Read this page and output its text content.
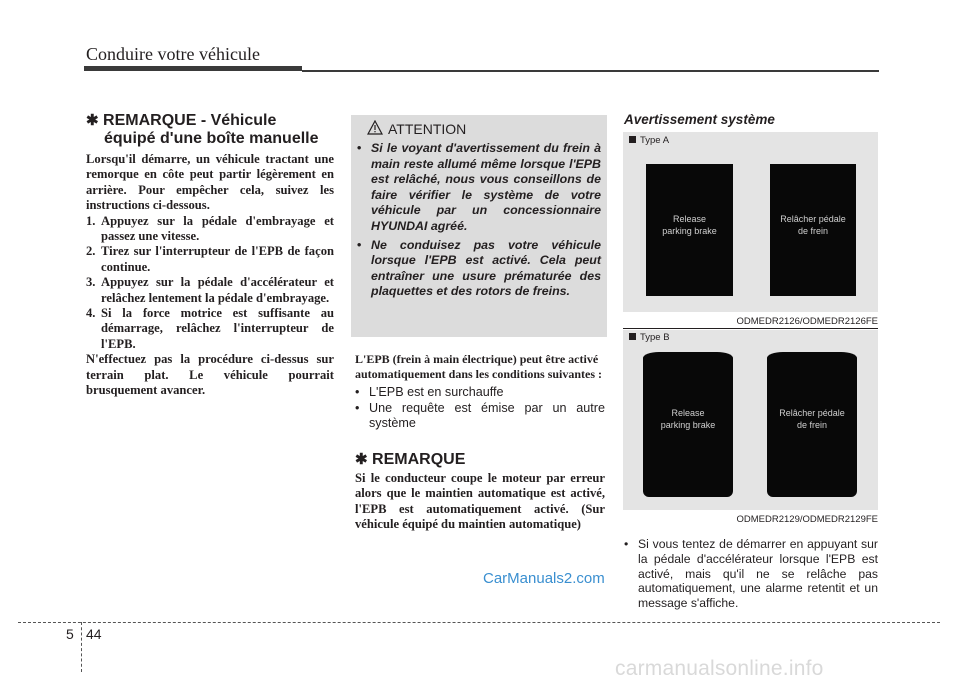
Conduire votre véhicule
✱ REMARQUE - Véhicule
équipé d'une boîte manuelle
Lorsqu'il démarre, un véhicule tractant une remorque en côte peut partir légèrement en arrière. Pour empêcher cela, suivez les instructions ci-dessous.
1. Appuyez sur la pédale d'embrayage et passez une vitesse.
2. Tirez sur l'interrupteur de l'EPB de façon continue.
3. Appuyez sur la pédale d'accélérateur et relâchez lentement la pédale d'embrayage.
4. Si la force motrice est suffisante au démarrage, relâchez l'interrupteur de l'EPB.
N'effectuez pas la procédure ci-dessus sur terrain plat. Le véhicule pourrait brusquement avancer.
ATTENTION
• Si le voyant d'avertissement du frein à main reste allumé même lorsque l'EPB est relâché, nous vous conseillons de faire vérifier le système de votre véhicule par un concessionnaire HYUNDAI agréé.
• Ne conduisez pas votre véhicule lorsque l'EPB est activé. Cela peut entraîner une usure prématurée des plaquettes et des rotors de freins.
L'EPB (frein à main électrique) peut être activé automatiquement dans les conditions suivantes :
• L'EPB est en surchauffe
• Une requête est émise par un autre système
✱ REMARQUE
Si le conducteur coupe le moteur par erreur alors que le maintien automatique est activé, l'EPB est automatiquement activé. (Sur véhicule équipé du maintien automatique)
Avertissement système
Type A
Release
parking brake
Relâcher pédale
de frein
ODMEDR2126/ODMEDR2126FE
Type B
Release
parking brake
Relâcher pédale
de frein
ODMEDR2129/ODMEDR2129FE
• Si vous tentez de démarrer en appuyant sur la pédale d'accélérateur lorsque l'EPB est activé, mais qu'il ne se relâche pas automatiquement, une alarme retentit et un message s'affiche.
CarManuals2.com
5 44
carmanualsonline.info
